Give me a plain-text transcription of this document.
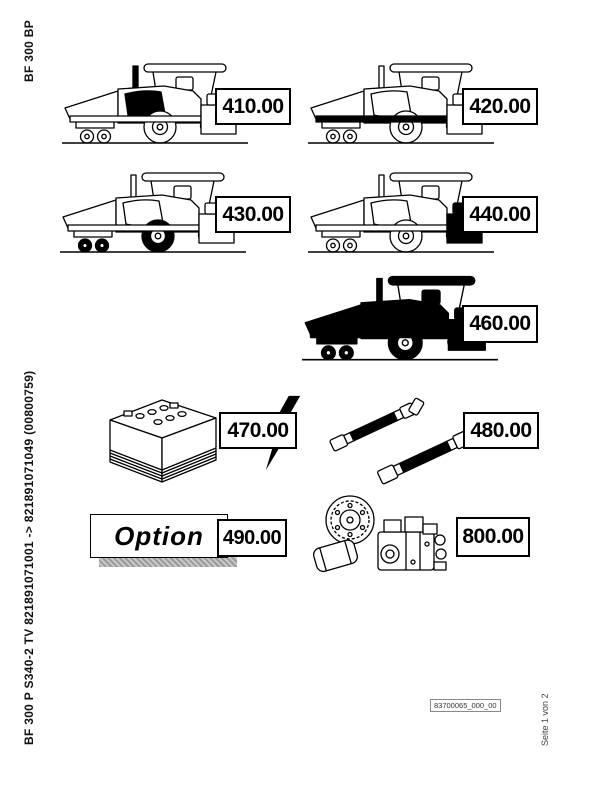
BF 300 BP
BF 300 P S340-2 TV 821891071001 -> 821891071049 (00800759)	Seite 1 von 2
410.00	420.00
430.00	440.00
460.00
470.00	480.00
Option 490.00	800.00
83700065_000_00
